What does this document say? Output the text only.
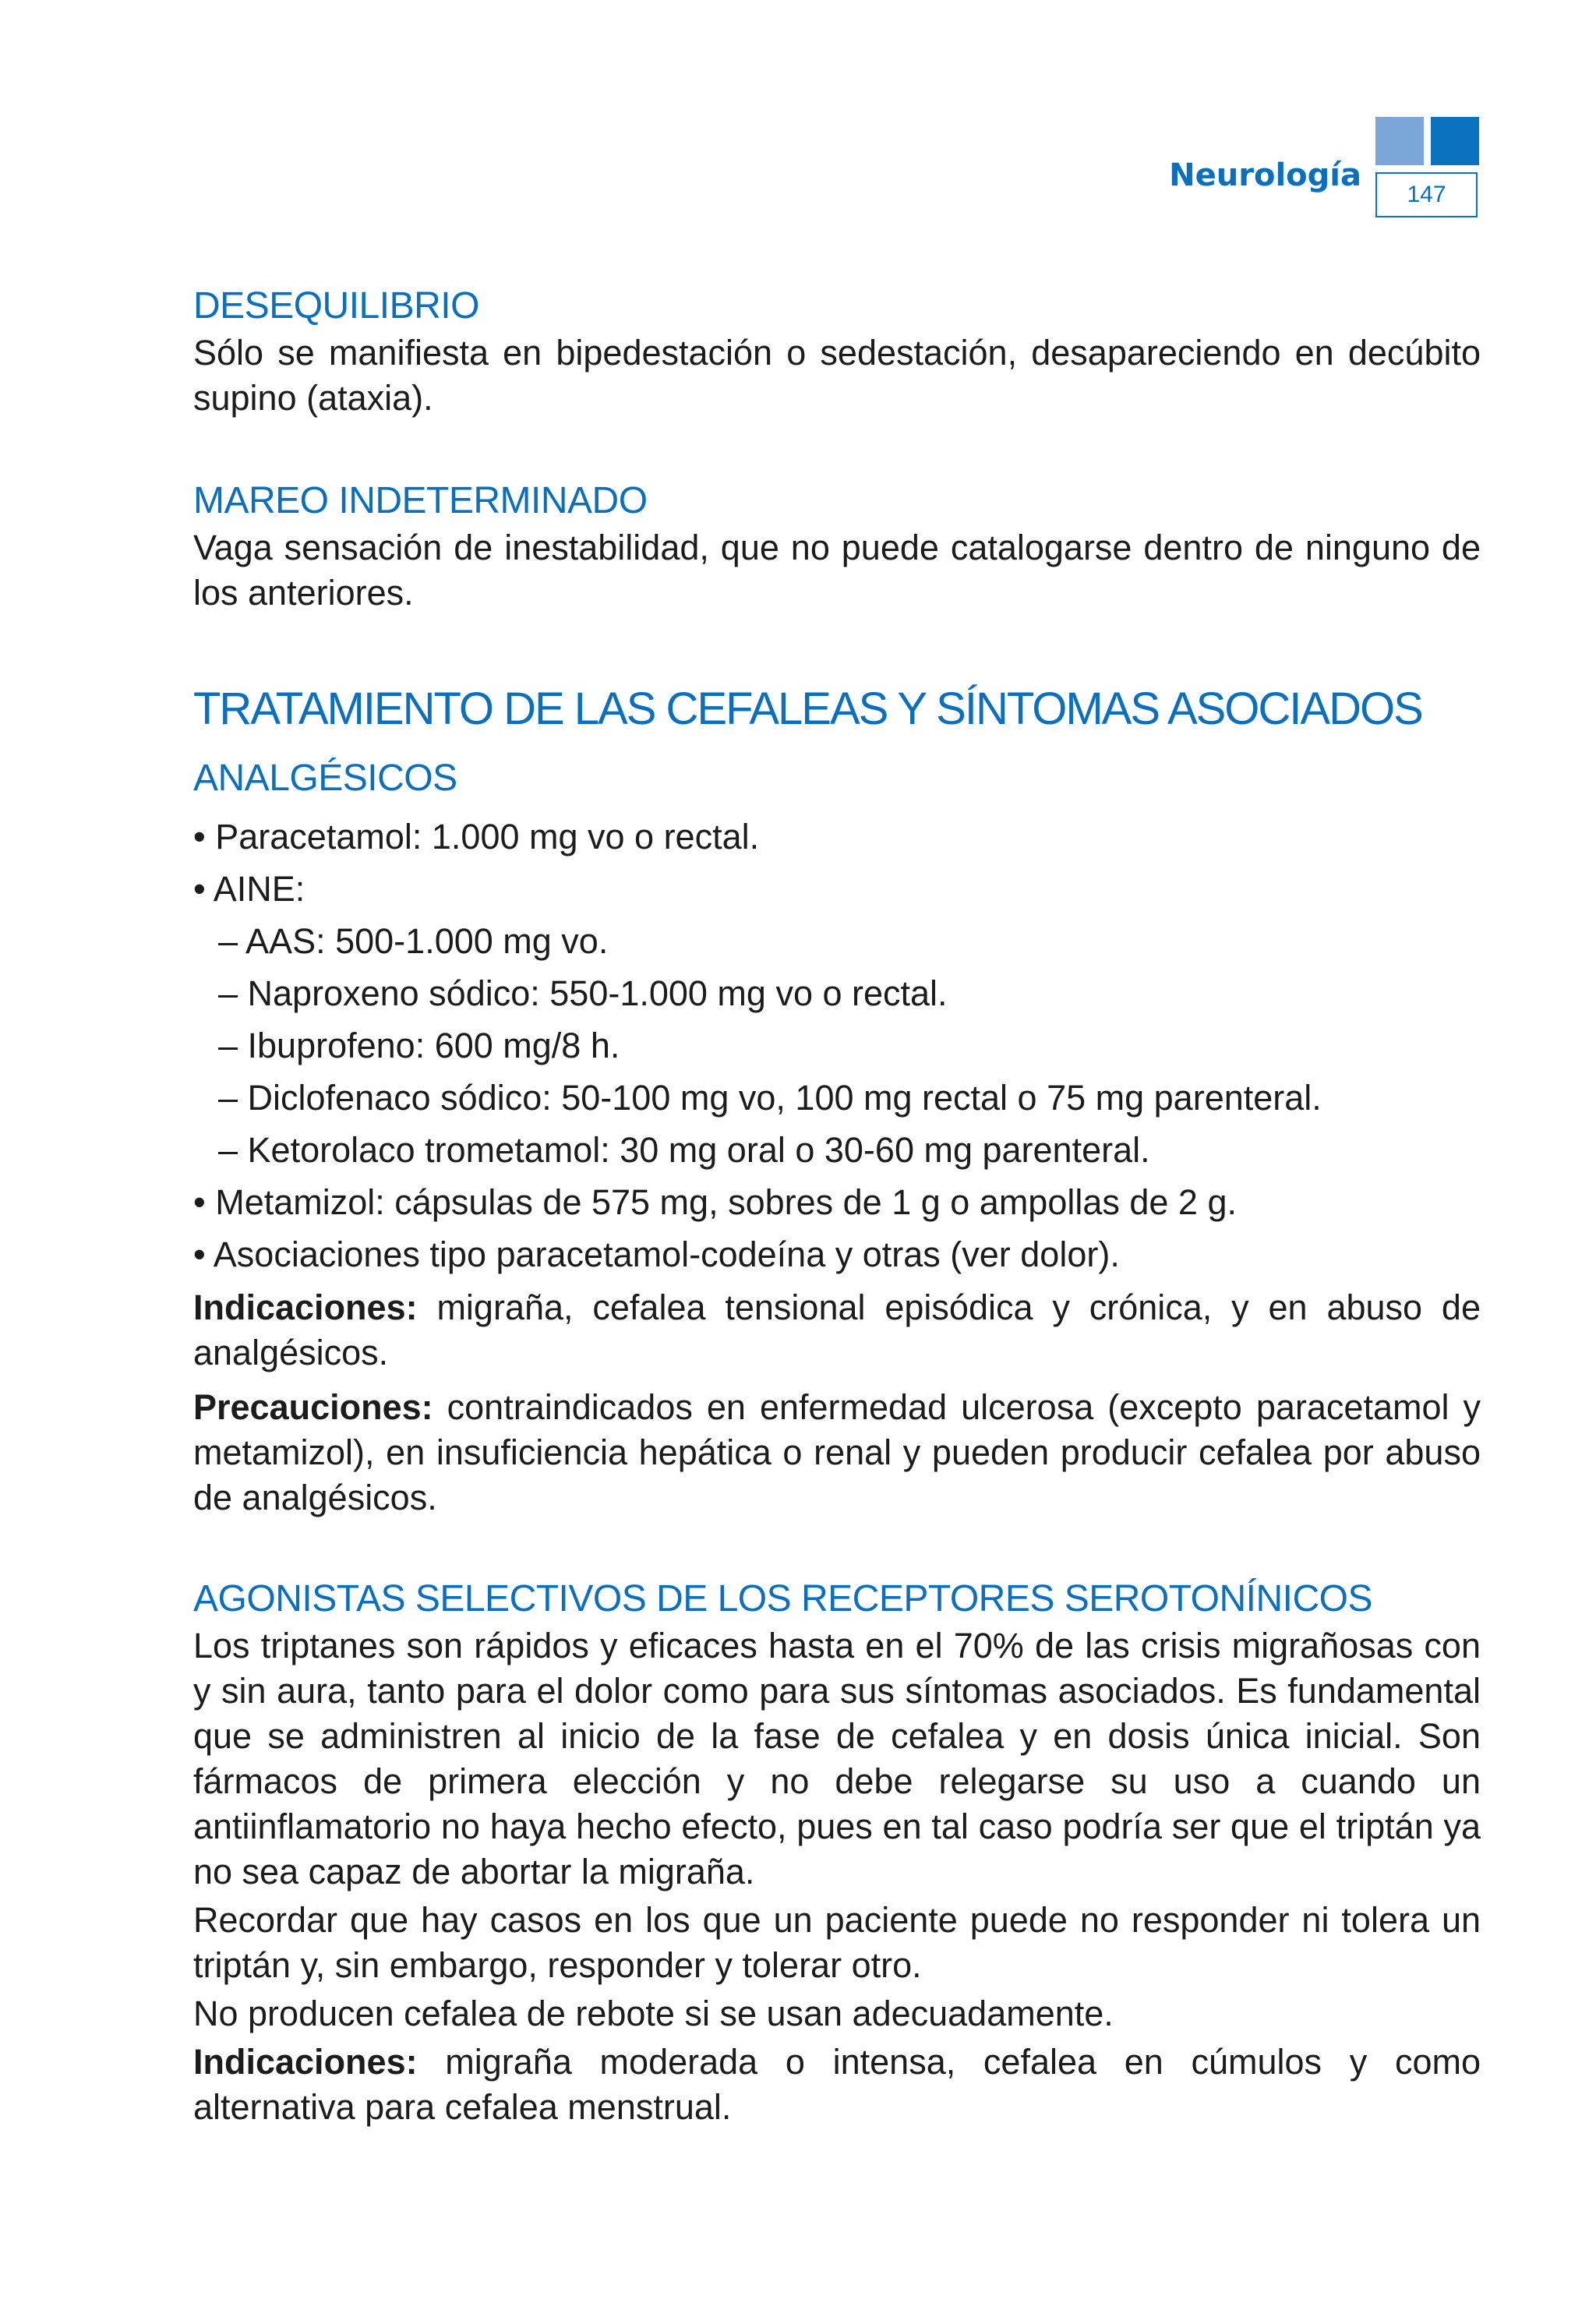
Neurología
147
DESEQUILIBRIO

Sólo se manifiesta en bipedestación o sedestación, desapareciendo en decúbito supino (ataxia).

MAREO INDETERMINADO

Vaga sensación de inestabilidad, que no puede catalogarse dentro de ninguno de los anteriores.

TRATAMIENTO DE LAS CEFALEAS Y SÍNTOMAS ASOCIADOS
ANALGÉSICOS
• Paracetamol: 1.000 mg vo o rectal.
• AINE:
– AAS: 500-1.000 mg vo.
– Naproxeno sódico: 550-1.000 mg vo o rectal.
– Ibuprofeno: 600 mg/8 h.
– Diclofenaco sódico: 50-100 mg vo, 100 mg rectal o 75 mg parenteral.
– Ketorolaco trometamol: 30 mg oral o 30-60 mg parenteral.
• Metamizol: cápsulas de 575 mg, sobres de 1 g o ampollas de 2 g.
• Asociaciones tipo paracetamol-codeína y otras (ver dolor).

Indicaciones: migraña, cefalea tensional episódica y crónica, y en abuso de analgésicos.

Precauciones: contraindicados en enfermedad ulcerosa (excepto paracetamol y metamizol), en insuficiencia hepática o renal y pueden producir cefalea por abuso de analgésicos.

AGONISTAS SELECTIVOS DE LOS RECEPTORES SEROTONÍNICOS

Los triptanes son rápidos y eficaces hasta en el 70% de las crisis migrañosas con y sin aura, tanto para el dolor como para sus síntomas asociados. Es fundamental que se administren al inicio de la fase de cefalea y en dosis única inicial. Son fármacos de primera elección y no debe relegarse su uso a cuando un antiinflamatorio no haya hecho efecto, pues en tal caso podría ser que el triptán ya no sea capaz de abortar la migraña.

Recordar que hay casos en los que un paciente puede no responder ni tolera un triptán y, sin embargo, responder y tolerar otro.

No producen cefalea de rebote si se usan adecuadamente.

Indicaciones: migraña moderada o intensa, cefalea en cúmulos y como alternativa para cefalea menstrual.
